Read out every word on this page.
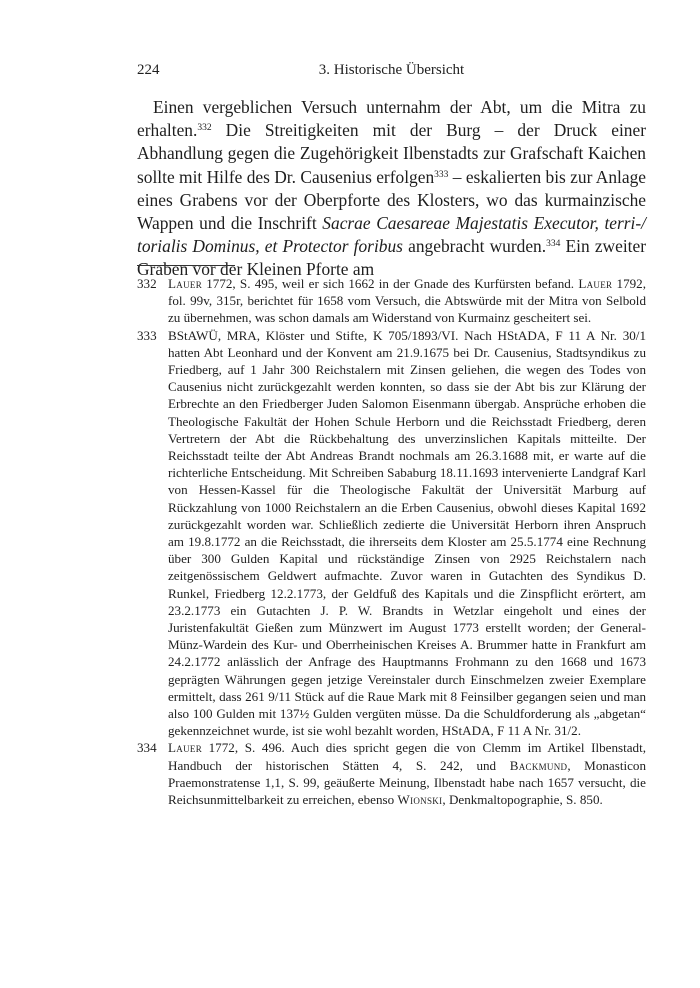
224	3. Historische Übersicht

Einen vergeblichen Versuch unternahm der Abt, um die Mitra zu erhalten.$^{332}$ Die Streitigkeiten mit der Burg – der Druck einer Abhandlung gegen die Zugehörigkeit Ilbenstadts zur Grafschaft Kaichen sollte mit Hilfe des Dr. Causenius erfolgen$^{333}$ – eskalierten bis zur Anlage eines Grabens vor der Oberpforte des Klosters, wo das kurmainzische Wappen und die Inschrift Sacrae Caesareae Majestatis Executor, terri-/ torialis Dominus, et Protector foribus angebracht wurden.$^{334}$ Ein zweiter Graben vor der Kleinen Pforte am

332 Lauer 1772, S. 495, weil er sich 1662 in der Gnade des Kurfürsten befand. Lauer 1792, fol. 99v, 315r, berichtet für 1658 vom Versuch, die Abtswürde mit der Mitra von Selbold zu übernehmen, was schon damals am Widerstand von Kurmainz gescheitert sei.
333 BStAWÜ, MRA, Klöster und Stifte, K 705/1893/VI. Nach HStADA, F 11 A Nr. 30/1 hatten Abt Leonhard und der Konvent am 21.9.1675 bei Dr. Causenius, Stadtsyndikus zu Friedberg, auf 1 Jahr 300 Reichstalern mit Zinsen geliehen, die wegen des Todes von Causenius nicht zurückgezahlt werden konnten, so dass sie der Abt bis zur Klärung der Erbrechte an den Friedberger Juden Salomon Eisenmann übergab. Ansprüche erhoben die Theologische Fakultät der Hohen Schule Herborn und die Reichsstadt Friedberg, deren Vertretern der Abt die Rückbehaltung des unverzinslichen Kapitals mitteilte. Der Reichsstadt teilte der Abt Andreas Brandt nochmals am 26.3.1688 mit, er warte auf die richterliche Entscheidung. Mit Schreiben Sababurg 18.11.1693 intervenierte Landgraf Karl von Hessen-Kassel für die Theologische Fakultät der Universität Marburg auf Rückzahlung von 1000 Reichstalern an die Erben Causenius, obwohl dieses Kapital 1692 zurückgezahlt worden war. Schließlich zedierte die Universität Herborn ihren Anspruch am 19.8.1772 an die Reichsstadt, die ihrerseits dem Kloster am 25.5.1774 eine Rechnung über 300 Gulden Kapital und rückständige Zinsen von 2925 Reichstalern nach zeitgenössischem Geldwert aufmachte. Zuvor waren in Gutachten des Syndikus D. Runkel, Friedberg 12.2.1773, der Geldfuß des Kapitals und die Zinspflicht erörtert, am 23.2.1773 ein Gutachten J. P. W. Brandts in Wetzlar eingeholt und eines der Juristenfakultät Gießen zum Münzwert im August 1773 erstellt worden; der General-Münz-Wardein des Kur- und Oberrheinischen Kreises A. Brummer hatte in Frankfurt am 24.2.1772 anlässlich der Anfrage des Hauptmanns Frohmann zu den 1668 und 1673 geprägten Währungen gegen jetzige Vereinstaler durch Einschmelzen zweier Exemplare ermittelt, dass 261 9/11 Stück auf die Raue Mark mit 8 Feinsilber gegangen seien und man also 100 Gulden mit 137½ Gulden vergüten müsse. Da die Schuldforderung als „abgetan“ gekennzeichnet wurde, ist sie wohl bezahlt worden, HStADA, F 11 A Nr. 31/2.
334 Lauer 1772, S. 496. Auch dies spricht gegen die von Clemm im Artikel Ilbenstadt, Handbuch der historischen Stätten 4, S. 242, und Backmund, Monasticon Praemonstratense 1,1, S. 99, geäußerte Meinung, Ilbenstadt habe nach 1657 versucht, die Reichsunmittelbarkeit zu erreichen, ebenso Wionski, Denkmaltopographie, S. 850.
